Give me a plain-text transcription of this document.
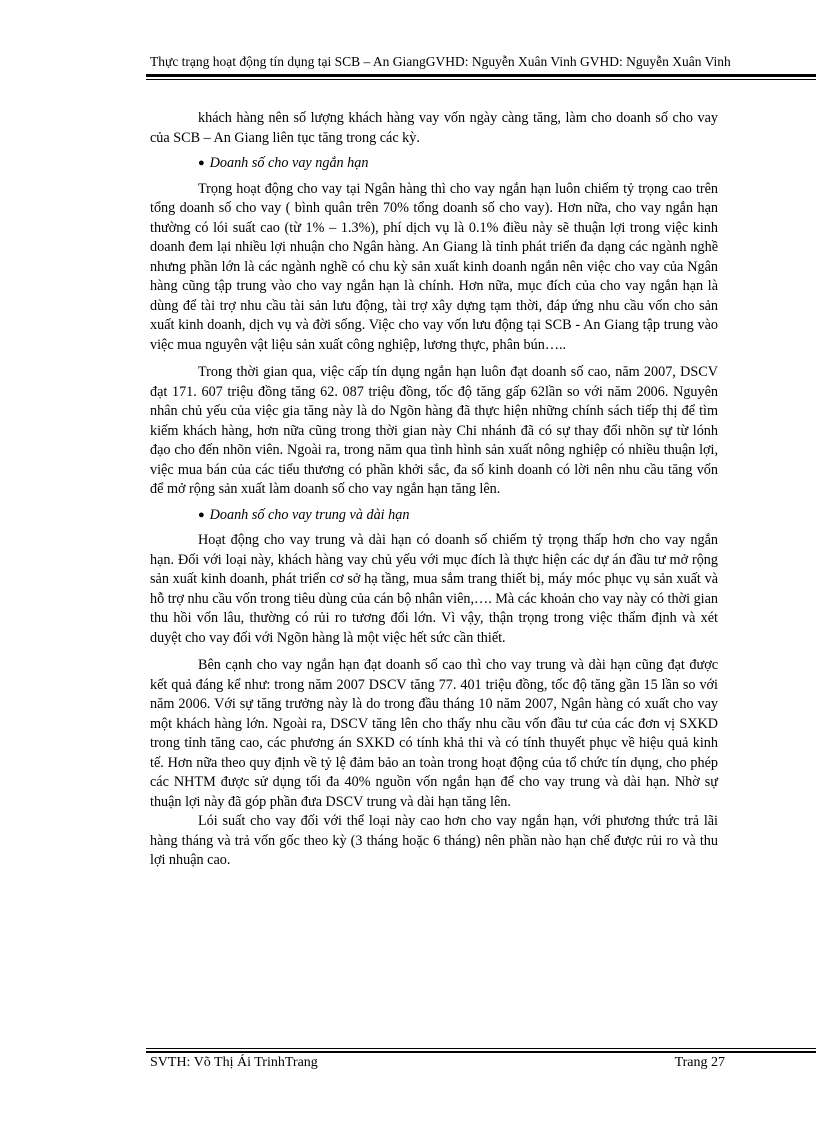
Thực trạng hoạt động tín dụng tại SCB – An GiangGVHD: Nguyễn Xuân Vinh GVHD: Nguyễn Xuân Vinh

khách hàng nên số lượng khách hàng vay vốn ngày càng tăng, làm cho doanh số cho vay của SCB – An Giang liên tục tăng trong các kỳ.

● Doanh số cho vay ngắn hạn

Trọng hoạt động cho vay tại Ngân hàng thì cho vay ngắn hạn luôn chiếm tỷ trọng cao trên tổng doanh số cho vay ( bình quân trên 70% tổng doanh số cho vay). Hơn nữa, cho vay ngắn hạn thường có lói suất cao (từ 1% – 1.3%), phí dịch vụ là 0.1% điều này sẽ thuận lợi trong việc kinh doanh đem lại nhiều lợi nhuận cho Ngân hàng. An Giang là tỉnh phát triển đa dạng các ngành nghề nhưng phần lớn là các ngành nghề có chu kỳ sản xuất kinh doanh ngắn nên việc cho vay của Ngân hàng cũng tập trung vào cho vay ngắn hạn là chính. Hơn nữa, mục đích của cho vay ngắn hạn là dùng để tài trợ nhu cầu tài sản lưu động, tài trợ xây dựng tạm thời, đáp ứng nhu cầu vốn cho sản xuất kinh doanh, dịch vụ và đời sống. Việc cho vay vốn lưu động tại SCB - An Giang tập trung vào việc mua nguyên vật liệu sản xuất công nghiệp, lương thực, phân bún…..

Trong thời gian qua, việc cấp tín dụng ngắn hạn luôn đạt doanh số cao, năm 2007, DSCV đạt 171. 607 triệu đồng tăng 62. 087 triệu đồng, tốc độ tăng gấp 62lần so với năm 2006. Nguyên nhân chủ yếu của việc gia tăng này là do Ngõn hàng đã thực hiện những chính sách tiếp thị để tìm kiếm khách hàng, hơn nữa cũng trong thời gian này Chi nhánh đã có sự thay đổi nhõn sự từ lónh đạo cho đến nhõn viên. Ngoài ra, trong năm qua tình hình sản xuất nông nghiệp có nhiều thuận lợi, việc mua bán của các tiểu thương có phần khởi sắc, đa số kinh doanh có lời nên nhu cầu tăng vốn để mở rộng sản xuất làm doanh số cho vay ngắn hạn tăng lên.

● Doanh số cho vay trung và dài hạn

Hoạt động cho vay trung và dài hạn có doanh số chiếm tỷ trọng thấp hơn cho vay ngắn hạn. Đối với loại này, khách hàng vay chủ yếu với mục đích là thực hiện các dự án đầu tư mở rộng sản xuất kinh doanh, phát triển cơ sở hạ tầng, mua sắm trang thiết bị, máy móc phục vụ sản xuất và hỗ trợ nhu cầu vốn trong tiêu dùng của cán bộ nhân viên,…. Mà các khoản cho vay này có thời gian thu hồi vốn lâu, thường có rủi ro tương đối lớn. Vì vậy, thận trọng trong việc thẩm định và xét duyệt cho vay đối với Ngõn hàng là một việc hết sức cần thiết.

Bên cạnh cho vay ngắn hạn đạt doanh số cao thì cho vay trung và dài hạn cũng đạt được kết quả đáng kể như: trong năm 2007 DSCV tăng 77. 401 triệu đồng, tốc độ tăng gần 15 lần so với năm 2006. Với sự tăng trưởng này là do trong đầu tháng 10 năm 2007, Ngân hàng có xuất cho vay một khách hàng lớn. Ngoài ra, DSCV tăng lên cho thấy nhu cầu vốn đầu tư của các đơn vị SXKD trong tỉnh tăng cao, các phương án SXKD có tính khả thi và có tính thuyết phục về hiệu quả kinh tế. Hơn nữa theo quy định về tỷ lệ đảm bảo an toàn trong hoạt động của tổ chức tín dụng, cho phép các NHTM được sử dụng tối đa 40% nguồn vốn ngắn hạn để cho vay trung và dài hạn. Nhờ sự thuận lợi này đã góp phần đưa DSCV trung và dài hạn tăng lên.

Lói suất cho vay đối với thể loại này cao hơn cho vay ngắn hạn, với phương thức trả lãi hàng tháng và trả vốn gốc theo kỳ (3 tháng hoặc 6 tháng) nên phần nào hạn chế được rủi ro và thu lợi nhuận cao.

SVTH: Võ Thị Ái TrinhTrang	Trang 27
